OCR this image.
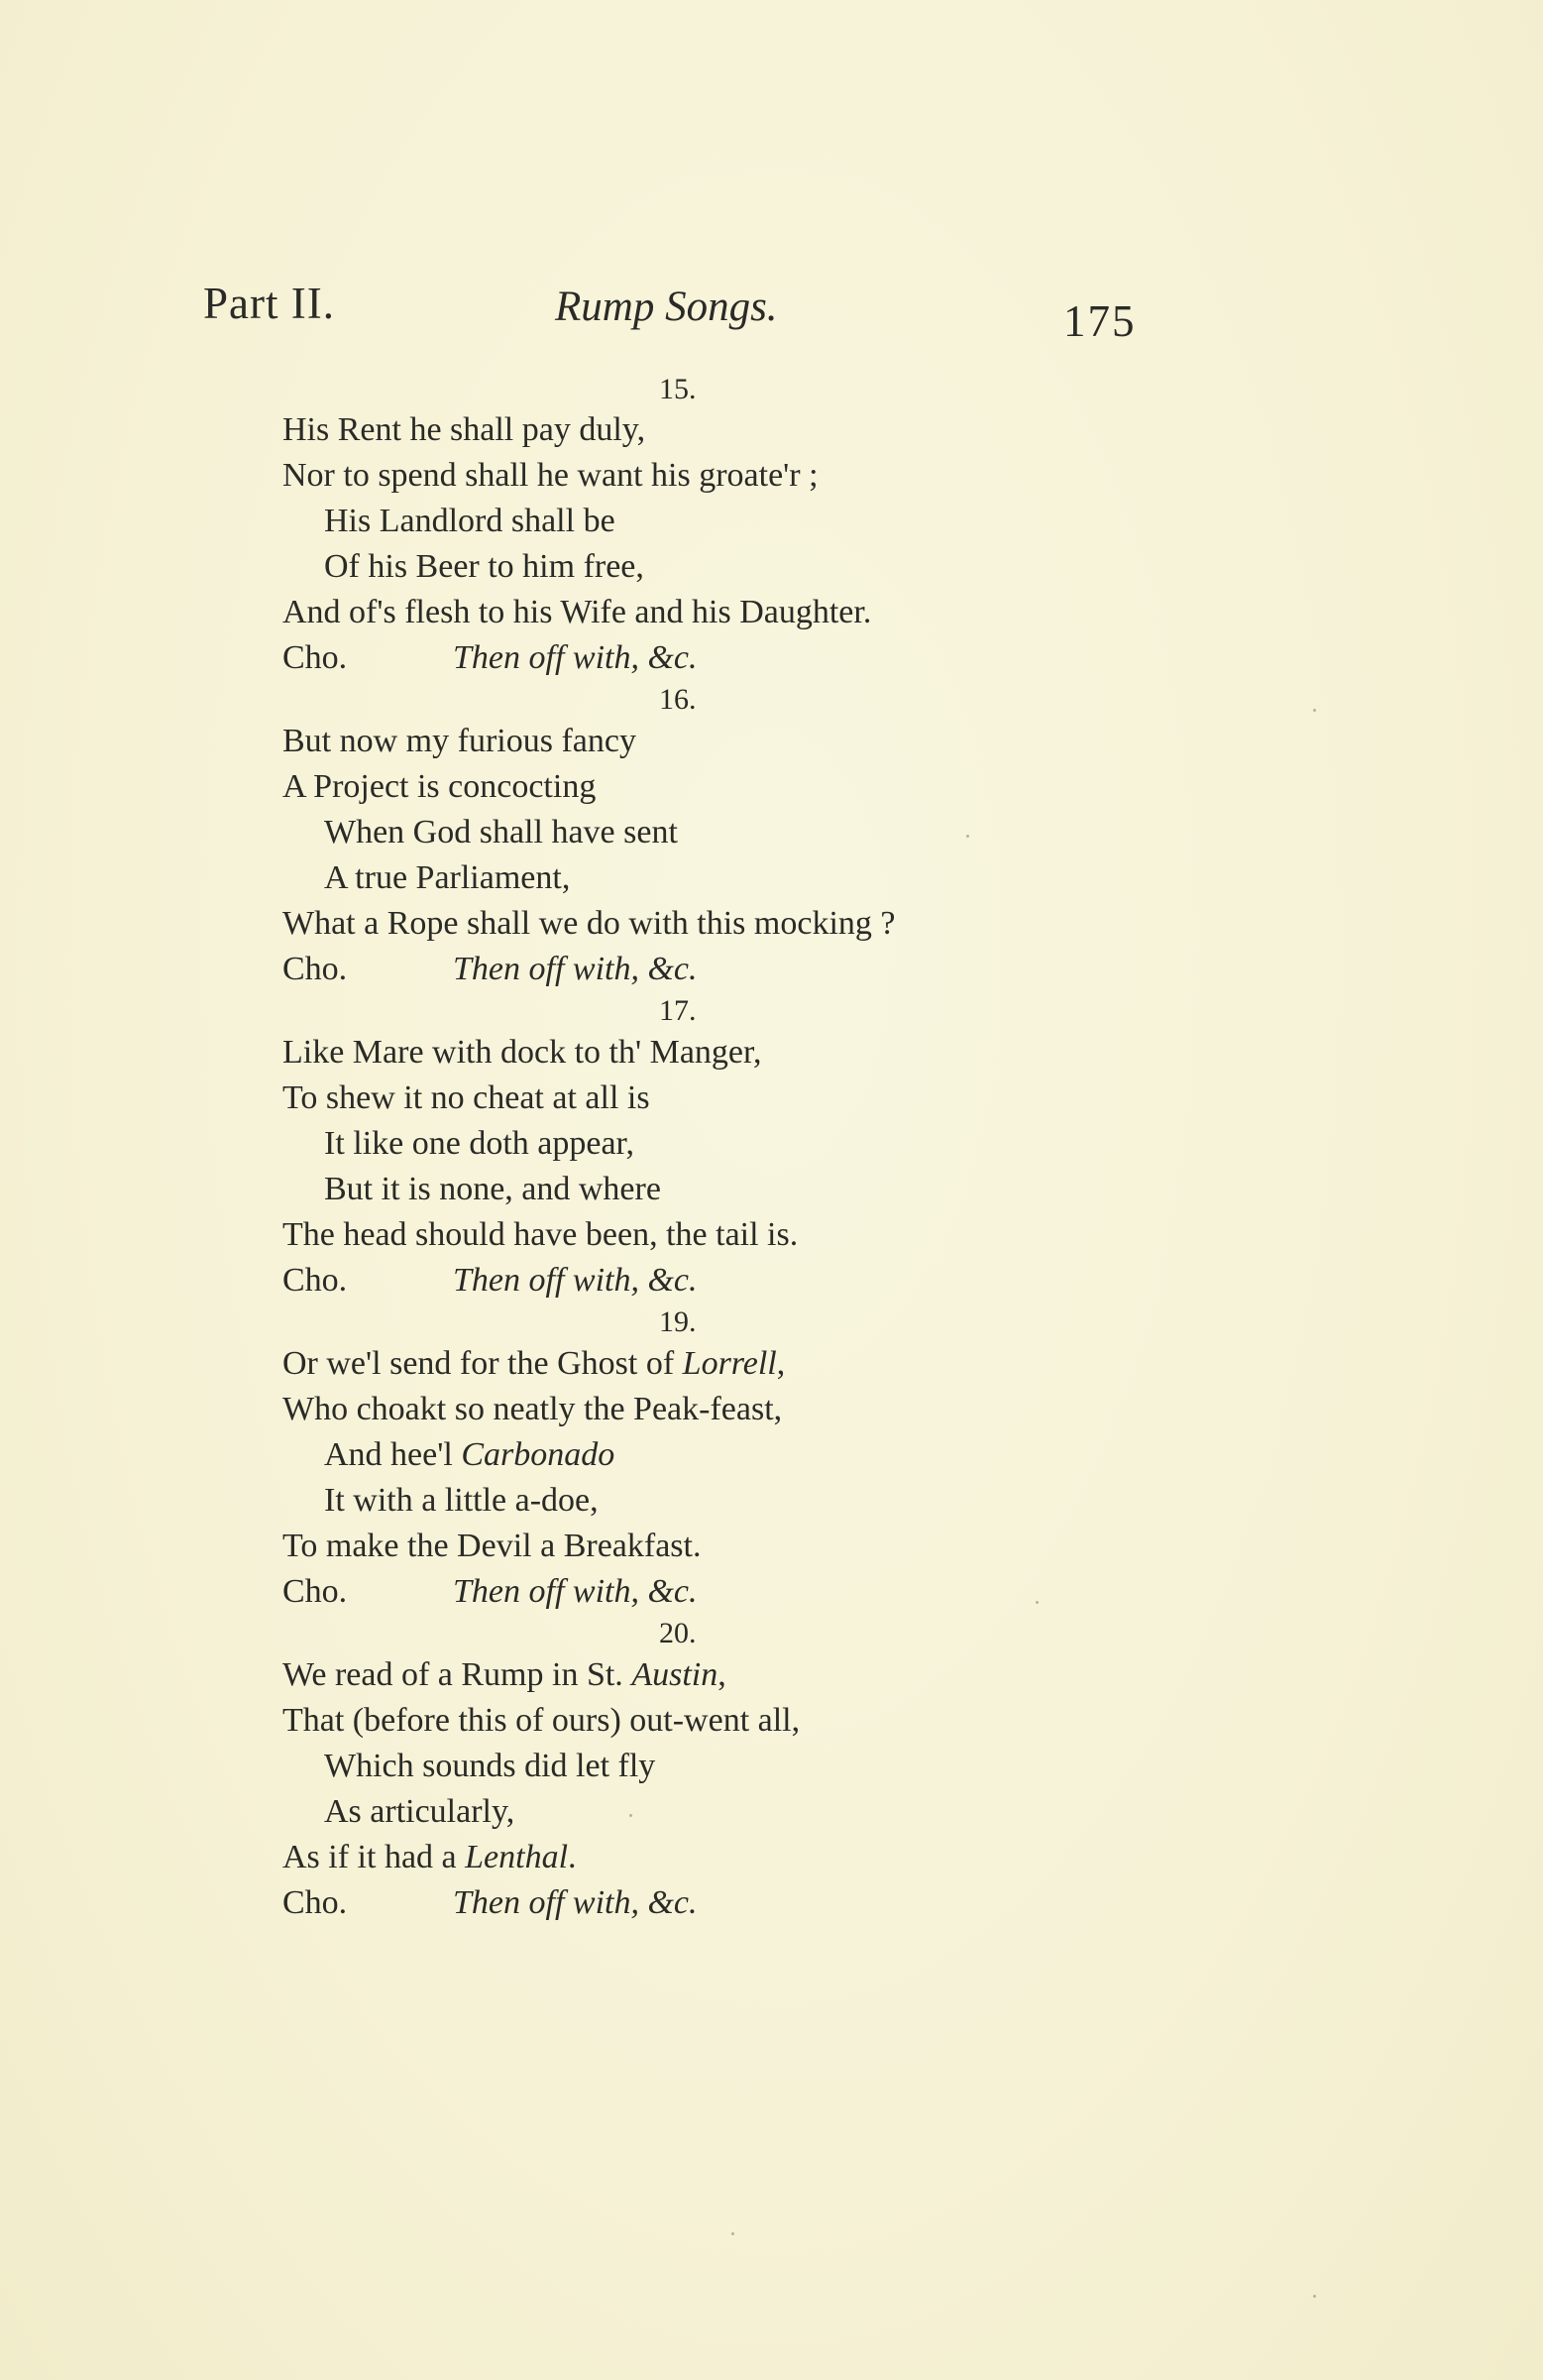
Part II.	Rump Songs.	175
15.
His Rent he shall pay duly,
Nor to spend shall he want his groate'r ;
His Landlord shall be
Of his Beer to him free,
And of's flesh to his Wife and his Daughter.
Cho.	Then off with, &c.
16.
But now my furious fancy
A Project is concocting
When God shall have sent
A true Parliament,
What a Rope shall we do with this mocking ?
Cho.	Then off with, &c.
17.
Like Mare with dock to th' Manger,
To shew it no cheat at all is
It like one doth appear,
But it is none, and where
The head should have been, the tail is.
Cho.	Then off with, &c.
19.
Or we'l send for the Ghost of Lorrell,
Who choakt so neatly the Peak-feast,
And hee'l Carbonado
It with a little a-doe,
To make the Devil a Breakfast.
Cho.	Then off with, &c.
20.
We read of a Rump in St. Austin,
That (before this of ours) out-went all,
Which sounds did let fly
As articularly,
As if it had a Lenthal.
Cho.	Then off with, &c.
